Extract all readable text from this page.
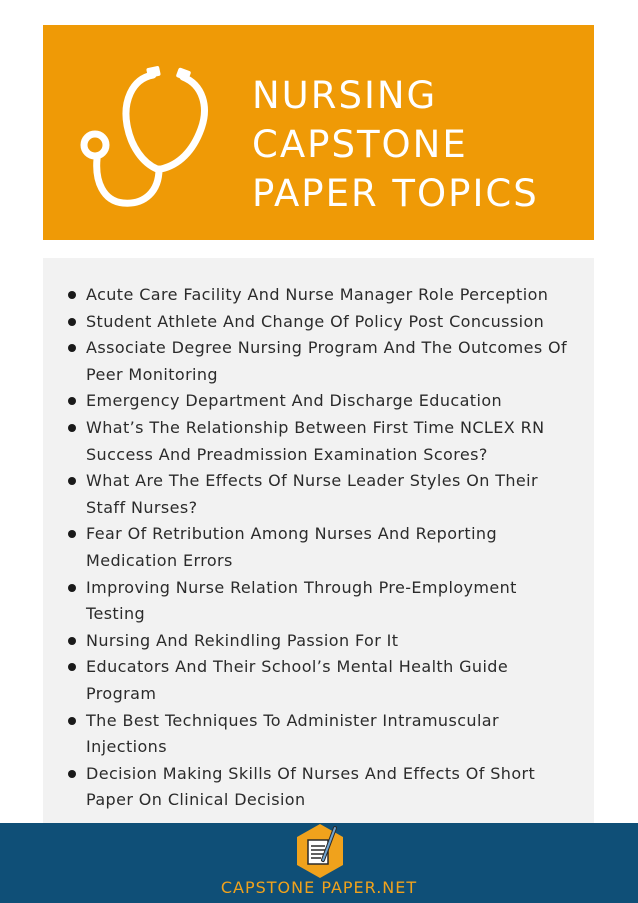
NURSING
CAPSTONE
PAPER TOPICS
Acute Care Facility And Nurse Manager Role Perception
Student Athlete And Change Of Policy Post Concussion
Associate Degree Nursing Program And The Outcomes Of Peer Monitoring
Emergency Department And Discharge Education
What’s The Relationship Between First Time NCLEX RN Success And Preadmission Examination Scores?
What Are The Effects Of Nurse Leader Styles On Their Staff Nurses?
Fear Of Retribution Among Nurses And Reporting Medication Errors
Improving Nurse Relation Through Pre-Employment Testing
Nursing And Rekindling Passion For It
Educators And Their School’s Mental Health Guide Program
The Best Techniques To Administer Intramuscular Injections
Decision Making Skills Of Nurses And Effects Of Short Paper On Clinical Decision
CAPSTONE PAPER.NET
